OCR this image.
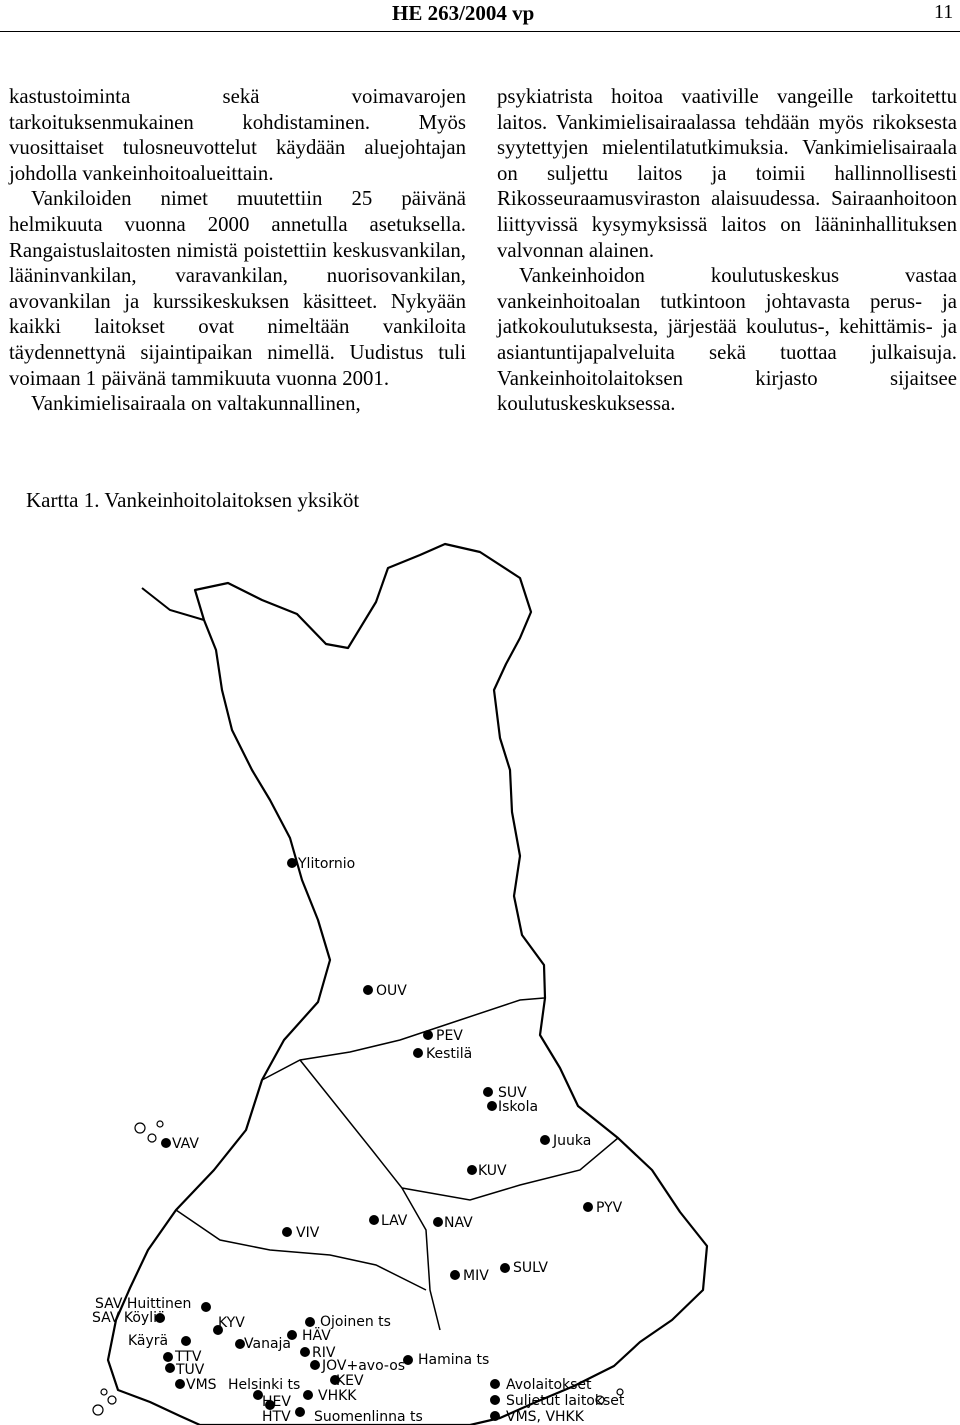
HE 263/2004 vp	11

kastustoiminta sekä voimavarojen tarkoituksenmukainen kohdistaminen. Myös vuosittaiset tulosneuvottelut käydään aluejohtajan johdolla vankeinhoitoalueittain.

Vankiloiden nimet muutettiin 25 päivänä helmikuuta vuonna 2000 annetulla asetuksella. Rangaistuslaitosten nimistä poistettiin keskusvankilan, lääninvankilan, varavankilan, nuorisovankilan, avovankilan ja kurssikeskuksen käsitteet. Nykyään kaikki laitokset ovat nimeltään vankiloita täydennettynä sijaintipaikan nimellä. Uudistus tuli voimaan 1 päivänä tammikuuta vuonna 2001.

Vankimielisairaala on valtakunnallinen,

psykiatrista hoitoa vaativille vangeille tarkoitettu laitos. Vankimielisairaalassa tehdään myös rikoksesta syytettyjen mielentilatutkimuksia. Vankimielisairaala on suljettu laitos ja toimii hallinnollisesti Rikosseuraamusviraston alaisuudessa. Sairaanhoitoon liittyvissä kysymyksissä laitos on lääninhallituksen valvonnan alainen.

Vankeinhoidon koulutuskeskus vastaa vankeinhoitoalan tutkintoon johtavasta perus- ja jatkokoulutuksesta, järjestää koulutus-, kehittämis- ja asiantuntijapalveluita sekä tuottaa julkaisuja. Vankeinhoitolaitoksen kirjasto sijaitsee koulutuskeskuksessa.

Kartta 1. Vankeinhoitolaitoksen yksiköt
Ylitornio
OUV
PEV
Kestilä
SUV
Iskola
Juuka
VAV
KUV
PYV
VIV
LAV	NAV
SULV
MIV
SAV Huittinen
SAV Köyliö	KYV	Ojoinen ts
Vanaja HÄV
Käyrä
TTV	RIV
TUV	JOV+avo-os Hamina ts
VMS Helsinki ts	KEV
HEV VHKK
HTV Suomenlinna ts
Avolaitokset
Suljetut laitokset
VMS, VHKK
